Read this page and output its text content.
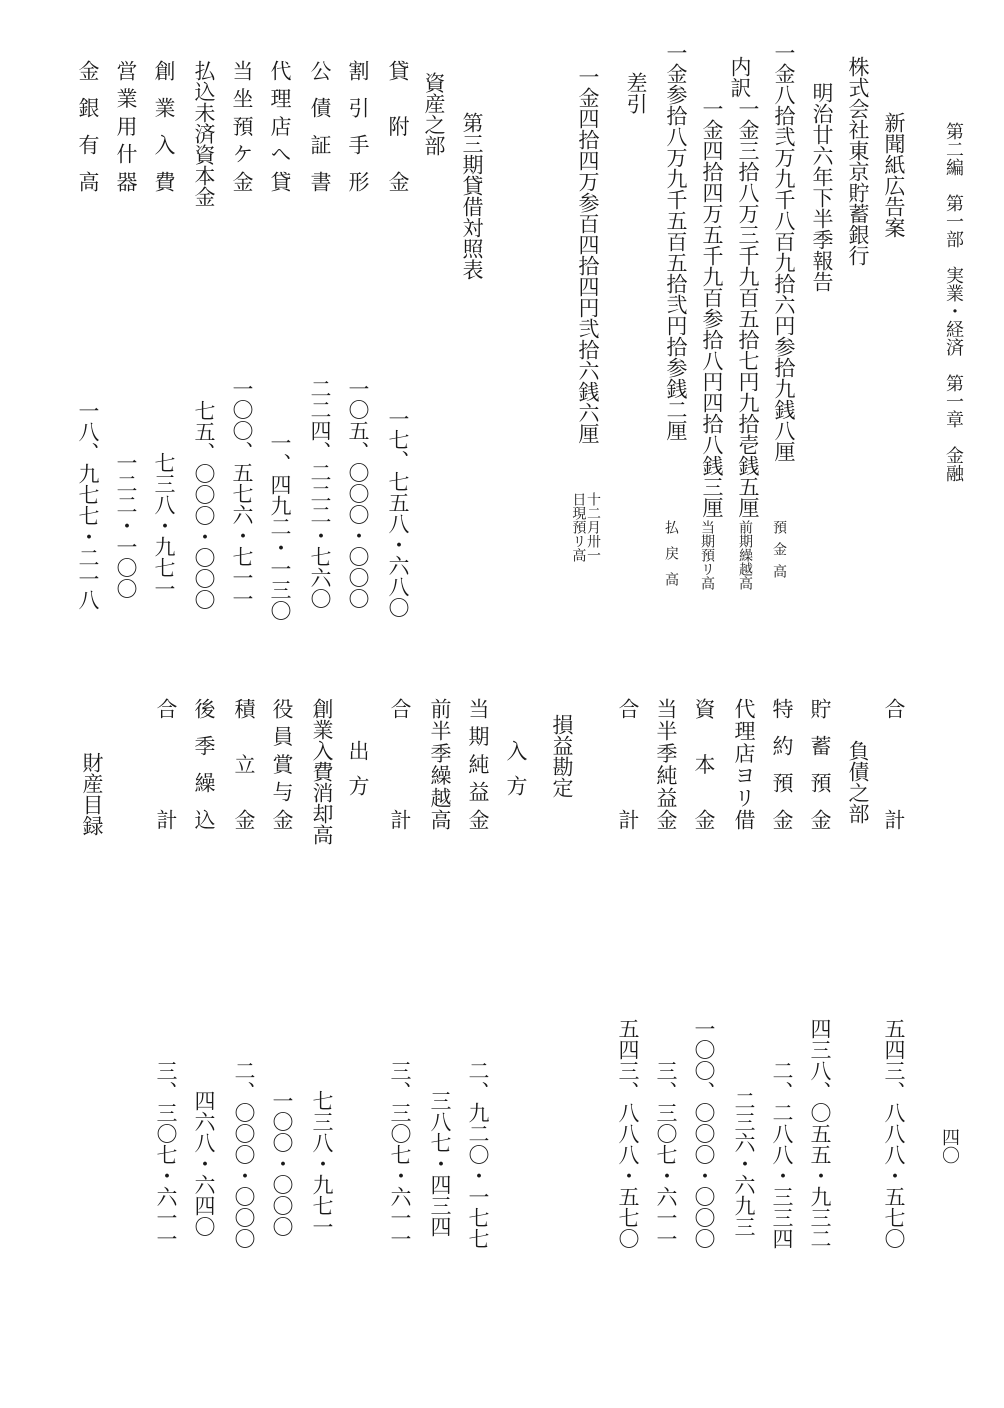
第二編　第一部　実業・経済　第一章　金融
四〇
新聞紙広告案
株式会社東京貯蓄銀行
明治廿六年下半季報告
一金八拾弐万九千八百九拾六円参拾九銭八厘
預金高
内訳
一金三拾八万三千九百五拾七円九拾壱銭五厘
前期繰越高
一金四拾四万五千九百参拾八円四拾八銭三厘
当期預リ高
一金参拾八万九千五百五拾弐円拾参銭二厘
払戻高
差引
一金四拾四万参百四拾四円弐拾六銭六厘
十二月卅一日現預リ高
第三期貸借対照表
資産之部
貸附金
一七、七五八・六八〇
割引手形
一〇五、〇〇〇・〇〇〇
公債証書
二二四、二二二・七六〇
代理店へ貸
一、四九二・一三〇
当坐預ケ金
一〇〇、五七六・七一一
払込未済資本金
七五、〇〇〇・〇〇〇
創業入費
七三八・九七一
営業用什器
一二二・一〇〇
金銀有高
一八、九七七・二一八
合計
五四三、八八八・五七〇
負債之部
貯蓄預金
四三八、〇五五・九三二
特約預金
二、二八八・三三四
代理店ヨリ借
二三六・六九三
資本金
一〇〇、〇〇〇・〇〇〇
当半季純益金
三、三〇七・六一一
合計
五四三、八八八・五七〇
損益勘定
入方
当期純益金
二、九二〇・一七七
前半季繰越高
三八七・四三四
合計
三、三〇七・六一一
出方
創業入費消却高
七三八・九七一
役員賞与金
一〇〇・〇〇〇
積立金
二、〇〇〇・〇〇〇
後季繰込
四六八・六四〇
合計
三、三〇七・六一一
財産目録
